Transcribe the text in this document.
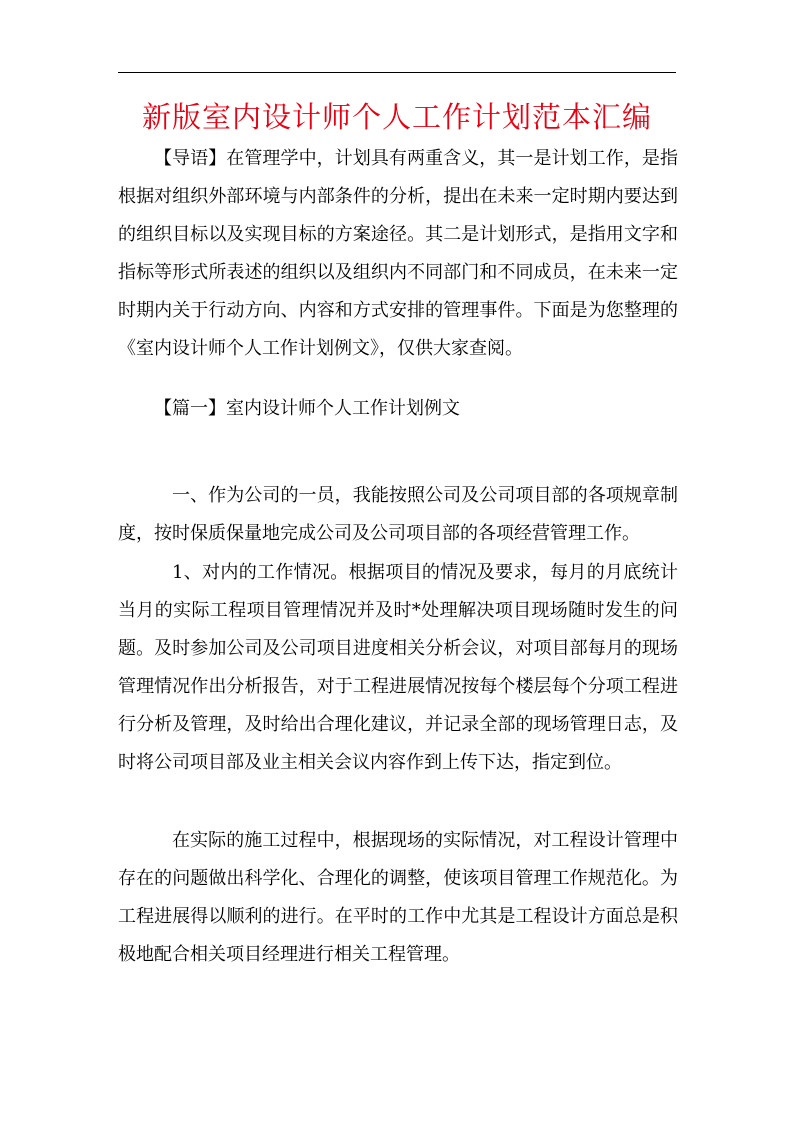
新版室内设计师个人工作计划范本汇编

【导语】在管理学中，计划具有两重含义，其一是计划工作，是指根据对组织外部环境与内部条件的分析，提出在未来一定时期内要达到的组织目标以及实现目标的方案途径。其二是计划形式，是指用文字和指标等形式所表述的组织以及组织内不同部门和不同成员，在未来一定时期内关于行动方向、内容和方式安排的管理事件。下面是为您整理的《室内设计师个人工作计划例文》，仅供大家查阅。

【篇一】室内设计师个人工作计划例文

一、作为公司的一员，我能按照公司及公司项目部的各项规章制度，按时保质保量地完成公司及公司项目部的各项经营管理工作。

1、对内的工作情况。根据项目的情况及要求，每月的月底统计当月的实际工程项目管理情况并及时*处理解决项目现场随时发生的问题。及时参加公司及公司项目进度相关分析会议，对项目部每月的现场管理情况作出分析报告，对于工程进展情况按每个楼层每个分项工程进行分析及管理，及时给出合理化建议，并记录全部的现场管理日志，及时将公司项目部及业主相关会议内容作到上传下达，指定到位。

在实际的施工过程中，根据现场的实际情况，对工程设计管理中存在的问题做出科学化、合理化的调整，使该项目管理工作规范化。为工程进展得以顺利的进行。在平时的工作中尤其是工程设计方面总是积极地配合相关项目经理进行相关工程管理。
